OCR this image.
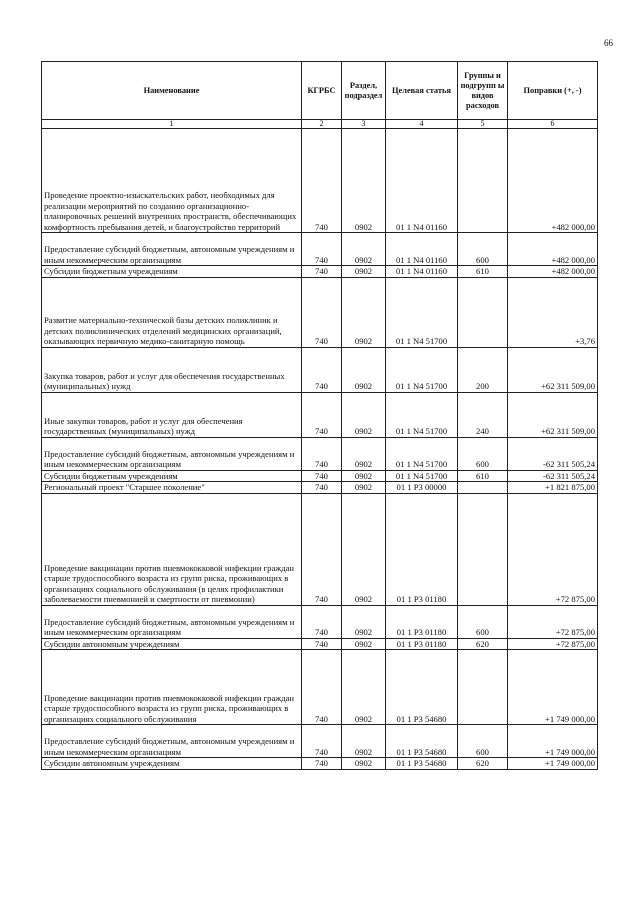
66
Наименование	КГРБС	Раздел, подраздел	Целевая статья	Группы и подгрупп ы видов расходов	Поправки (+, -)
1	2	3	4	5	6
Проведение проектно-изыскательских работ, необходимых для реализации мероприятий по созданию организационно-планировочных решений внутренних пространств, обеспечивающих комфортность пребывания детей, и благоустройство территорий	740	0902	01 1 N4 01160		+482 000,00
Предоставление субсидий бюджетным, автономным учреждениям и иным некоммерческим организациям	740	0902	01 1 N4 01160	600	+482 000,00
Субсидии бюджетным учреждениям	740	0902	01 1 N4 01160	610	+482 000,00
Развитие материально-технической базы детских поликлиник и детских поликлинических отделений медицинских организаций, оказывающих первичную медико-санитарную помощь	740	0902	01 1 N4 51700		+3,76
Закупка товаров, работ и услуг для обеспечения государственных (муниципальных) нужд	740	0902	01 1 N4 51700	200	+62 311 509,00
Иные закупки товаров, работ и услуг для обеспечения государственных (муниципальных) нужд	740	0902	01 1 N4 51700	240	+62 311 509,00
Предоставление субсидий бюджетным, автономным учреждениям и иным некоммерческим организациям	740	0902	01 1 N4 51700	600	-62 311 505,24
Субсидии бюджетным учреждениям	740	0902	01 1 N4 51700	610	-62 311 505,24
Региональный проект "Старшее поколение"	740	0902	01 1 P3 00000		+1 821 875,00
Проведение вакцинации против пневмококковой инфекции граждан старше трудоспособного возраста из групп риска, проживающих в организациях социального обслуживания (в целях профилактики заболеваемости пневмонией и смертности от пневмонии)	740	0902	01 1 P3 01180		+72 875,00
Предоставление субсидий бюджетным, автономным учреждениям и иным некоммерческим организациям	740	0902	01 1 P3 01180	600	+72 875,00
Субсидии автономным учреждениям	740	0902	01 1 P3 01180	620	+72 875,00
Проведение вакцинации против пневмококковой инфекции граждан старше трудоспособного возраста из групп риска, проживающих в организациях социального обслуживания	740	0902	01 1 P3 54680		+1 749 000,00
Предоставление субсидий бюджетным, автономным учреждениям и иным некоммерческим организациям	740	0902	01 1 P3 54680	600	+1 749 000,00
Субсидии автономным учреждениям	740	0902	01 1 P3 54680	620	+1 749 000,00
